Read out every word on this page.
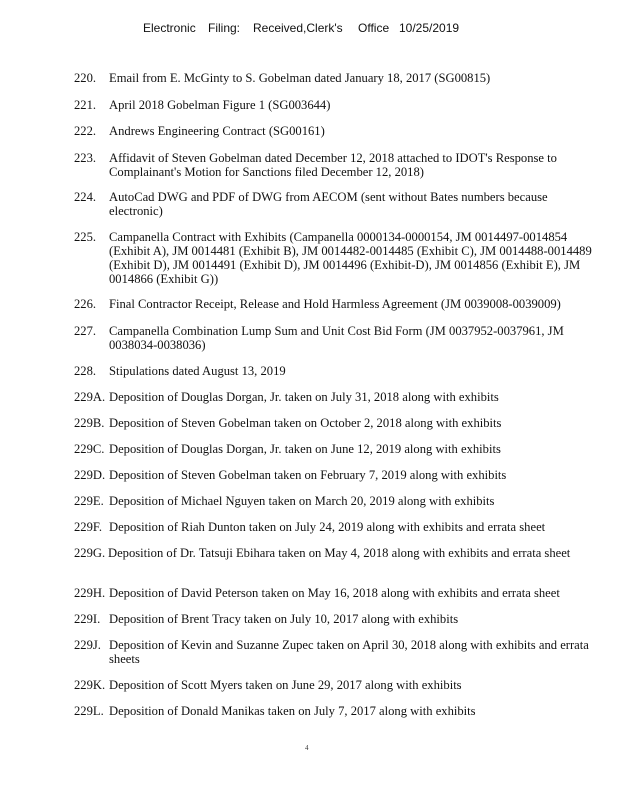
Electronic Filing: Received,Clerk's Office 10/25/2019
220. Email from E. McGinty to S. Gobelman dated January 18, 2017 (SG00815)
221. April 2018 Gobelman Figure 1 (SG003644)
222. Andrews Engineering Contract (SG00161)
223. Affidavit of Steven Gobelman dated December 12, 2018 attached to IDOT's Response to Complainant's Motion for Sanctions filed December 12, 2018)
224. AutoCad DWG and PDF of DWG from AECOM (sent without Bates numbers because electronic)
225. Campanella Contract with Exhibits (Campanella 0000134-0000154, JM 0014497-0014854 (Exhibit A), JM 0014481 (Exhibit B), JM 0014482-0014485 (Exhibit C), JM 0014488-0014489 (Exhibit D), JM 0014491 (Exhibit D), JM 0014496 (Exhibit-D), JM 0014856 (Exhibit E), JM 0014866 (Exhibit G))
226. Final Contractor Receipt, Release and Hold Harmless Agreement (JM 0039008-0039009)
227. Campanella Combination Lump Sum and Unit Cost Bid Form (JM 0037952-0037961, JM 0038034-0038036)
228. Stipulations dated August 13, 2019
229A. Deposition of Douglas Dorgan, Jr. taken on July 31, 2018 along with exhibits
229B. Deposition of Steven Gobelman taken on October 2, 2018 along with exhibits
229C. Deposition of Douglas Dorgan, Jr. taken on June 12, 2019 along with exhibits
229D. Deposition of Steven Gobelman taken on February 7, 2019 along with exhibits
229E. Deposition of Michael Nguyen taken on March 20, 2019 along with exhibits
229F. Deposition of Riah Dunton taken on July 24, 2019 along with exhibits and errata sheet
229G. Deposition of Dr. Tatsuji Ebihara taken on May 4, 2018 along with exhibits and errata sheet
229H. Deposition of David Peterson taken on May 16, 2018 along with exhibits and errata sheet
229I. Deposition of Brent Tracy taken on July 10, 2017 along with exhibits
229J. Deposition of Kevin and Suzanne Zupec taken on April 30, 2018 along with exhibits and errata sheets
229K. Deposition of Scott Myers taken on June 29, 2017 along with exhibits
229L. Deposition of Donald Manikas taken on July 7, 2017 along with exhibits
4
